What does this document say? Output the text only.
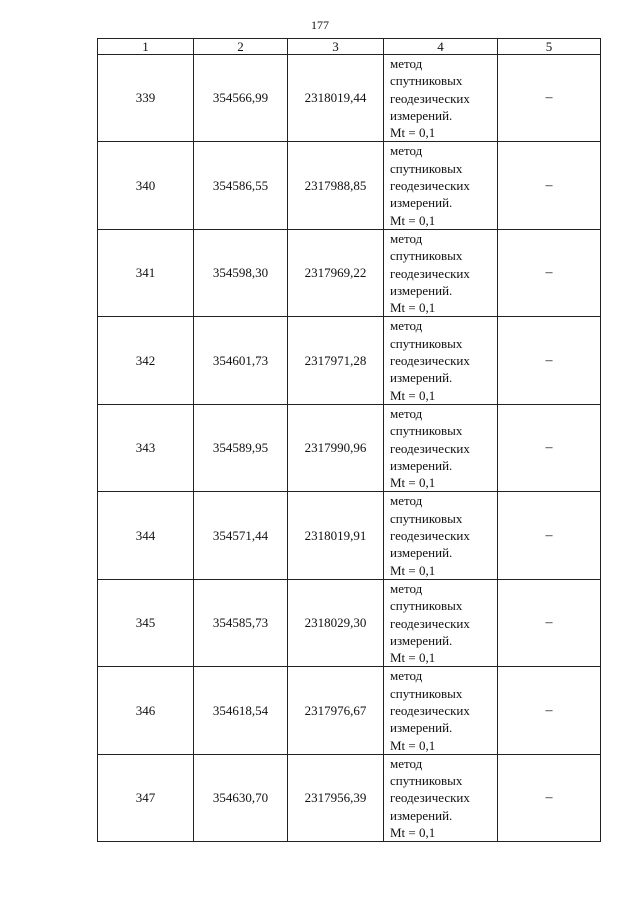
177
1	2	3	4	5
339	354566,99	2318019,44	метод
спутниковых
геодезических
измерений.
Mt = 0,1	–
340	354586,55	2317988,85	метод
спутниковых
геодезических
измерений.
Mt = 0,1	–
341	354598,30	2317969,22	метод
спутниковых
геодезических
измерений.
Mt = 0,1	–
342	354601,73	2317971,28	метод
спутниковых
геодезических
измерений.
Mt = 0,1	–
343	354589,95	2317990,96	метод
спутниковых
геодезических
измерений.
Mt = 0,1	–
344	354571,44	2318019,91	метод
спутниковых
геодезических
измерений.
Mt = 0,1	–
345	354585,73	2318029,30	метод
спутниковых
геодезических
измерений.
Mt = 0,1	–
346	354618,54	2317976,67	метод
спутниковых
геодезических
измерений.
Mt = 0,1	–
347	354630,70	2317956,39	метод
спутниковых
геодезических
измерений.
Mt = 0,1	–
